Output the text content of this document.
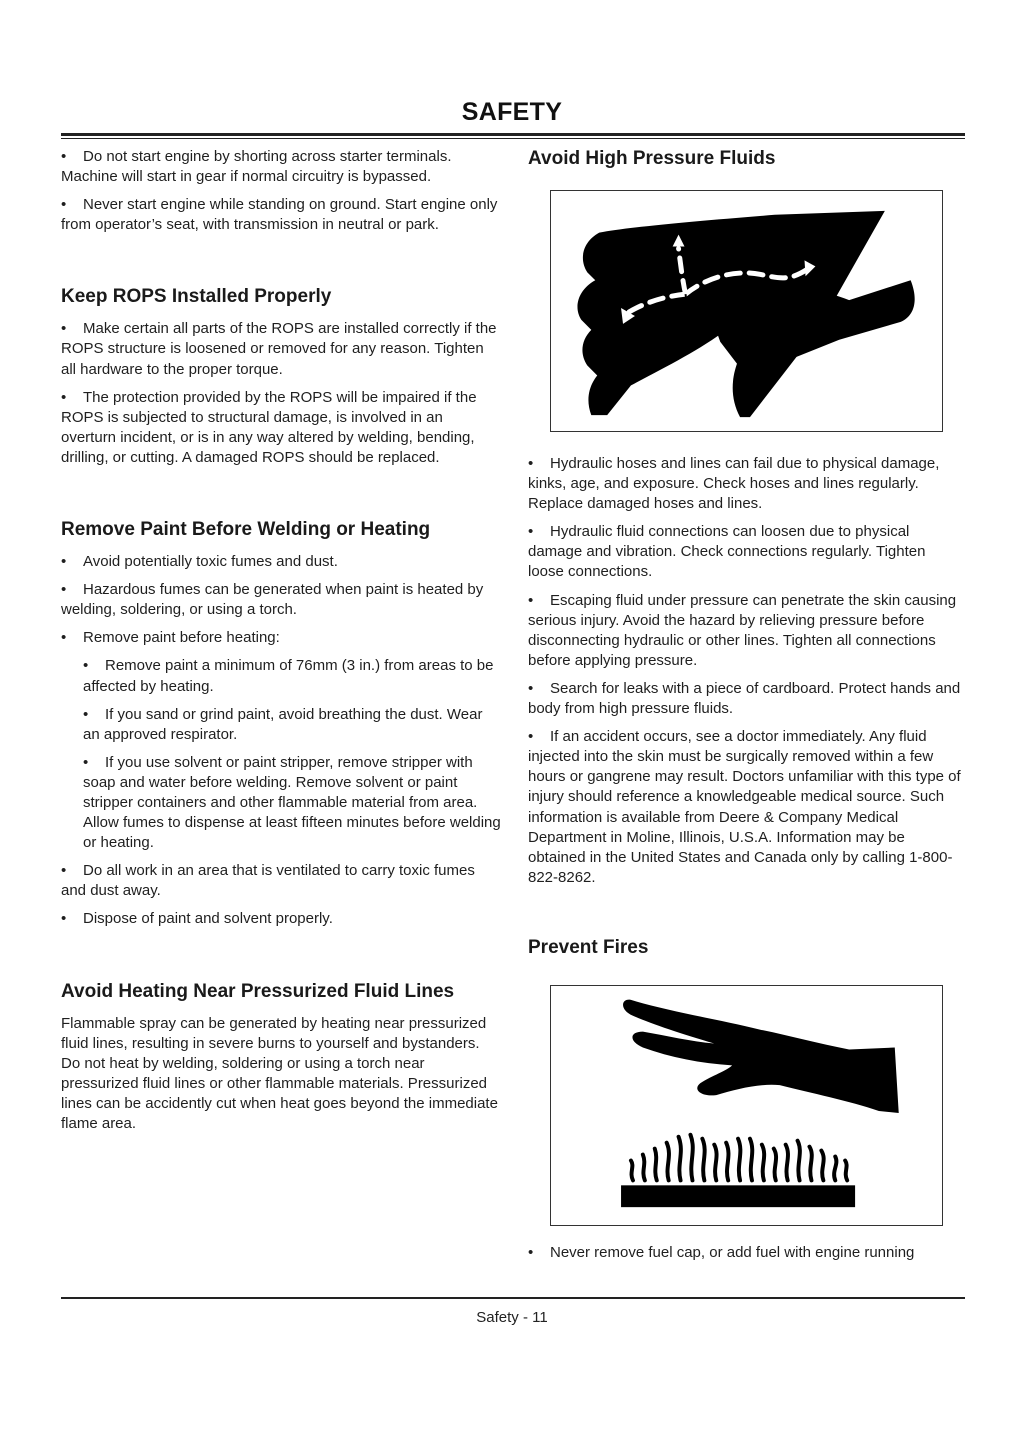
SAFETY
• Do not start engine by shorting across starter terminals. Machine will start in gear if normal circuitry is bypassed.
• Never start engine while standing on ground. Start engine only from operator’s seat, with transmission in neutral or park.
Keep ROPS Installed Properly
• Make certain all parts of the ROPS are installed correctly if the ROPS structure is loosened or removed for any reason. Tighten all hardware to the proper torque.
• The protection provided by the ROPS will be impaired if the ROPS is subjected to structural damage, is involved in an overturn incident, or is in any way altered by welding, bending, drilling, or cutting. A damaged ROPS should be replaced.
Remove Paint Before Welding or Heating
• Avoid potentially toxic fumes and dust.
• Hazardous fumes can be generated when paint is heated by welding, soldering, or using a torch.
• Remove paint before heating:
• Remove paint a minimum of 76mm (3 in.) from areas to be affected by heating.
• If you sand or grind paint, avoid breathing the dust. Wear an approved respirator.
• If you use solvent or paint stripper, remove stripper with soap and water before welding. Remove solvent or paint stripper containers and other flammable material from area. Allow fumes to dispense at least fifteen minutes before welding or heating.
• Do all work in an area that is ventilated to carry toxic fumes and dust away.
• Dispose of paint and solvent properly.
Avoid Heating Near Pressurized Fluid Lines
Flammable spray can be generated by heating near pressurized fluid lines, resulting in severe burns to yourself and bystanders. Do not heat by welding, soldering or using a torch near pressurized fluid lines or other flammable materials. Pressurized lines can be accidently cut when heat goes beyond the immediate flame area.
Avoid High Pressure Fluids
• Hydraulic hoses and lines can fail due to physical damage, kinks, age, and exposure. Check hoses and lines regularly. Replace damaged hoses and lines.
• Hydraulic fluid connections can loosen due to physical damage and vibration. Check connections regularly. Tighten loose connections.
• Escaping fluid under pressure can penetrate the skin causing serious injury. Avoid the hazard by relieving pressure before disconnecting hydraulic or other lines. Tighten all connections before applying pressure.
• Search for leaks with a piece of cardboard. Protect hands and body from high pressure fluids.
• If an accident occurs, see a doctor immediately. Any fluid injected into the skin must be surgically removed within a few hours or gangrene may result. Doctors unfamiliar with this type of injury should reference a knowledgeable medical source. Such information is available from Deere & Company Medical Department in Moline, Illinois, U.S.A. Information may be obtained in the United States and Canada only by calling 1-800-822-8262.
Prevent Fires
• Never remove fuel cap, or add fuel with engine running
Safety - 11
